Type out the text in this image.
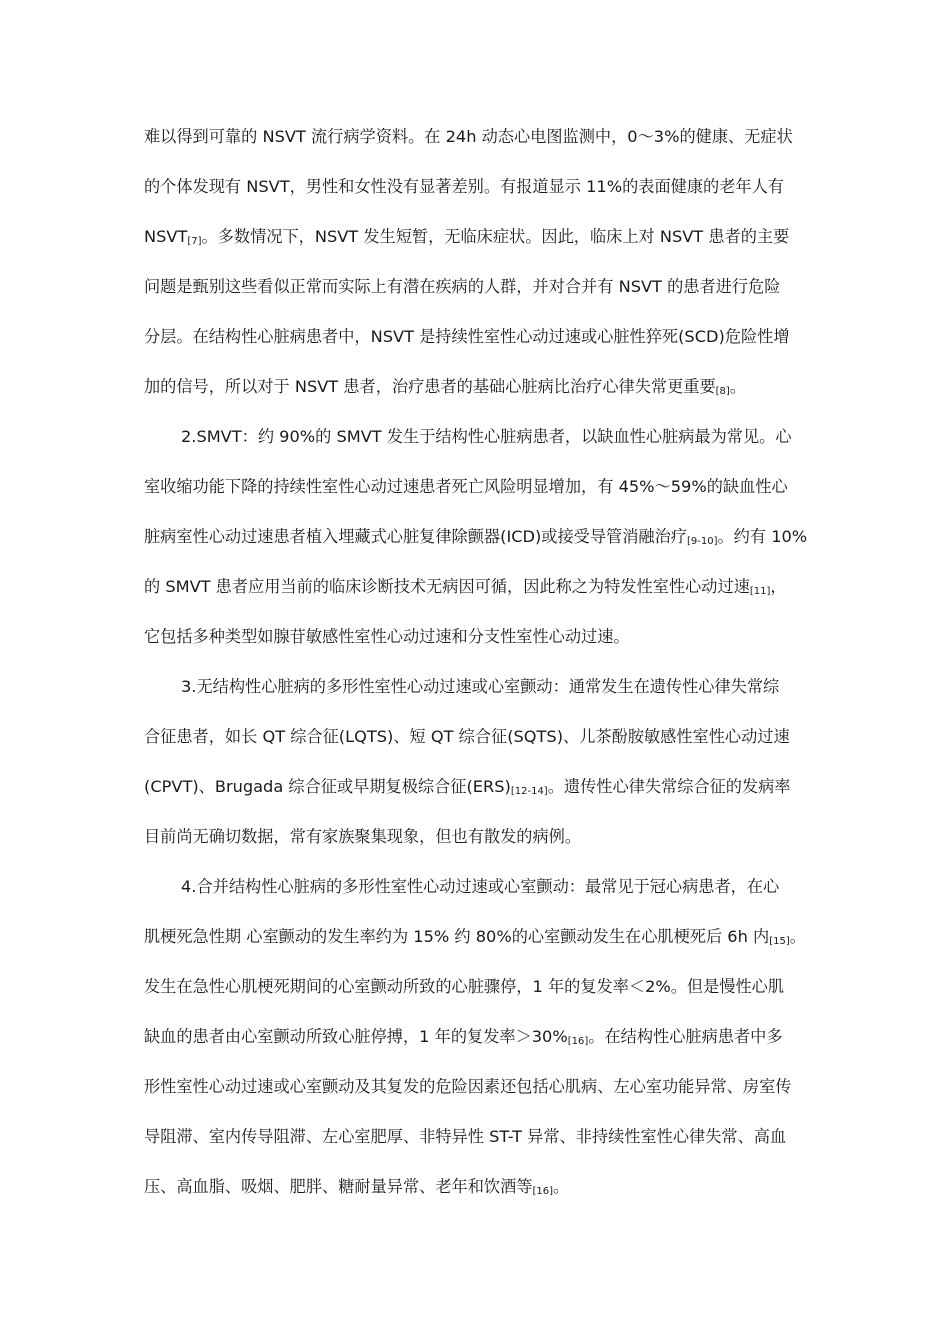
难以得到可靠的 NSVT 流行病学资料。在 24h 动态心电图监测中，0～3%的健康、无症状
的个体发现有 NSVT，男性和女性没有显著差别。有报道显示 11%的表面健康的老年人有
NSVT[7]。多数情况下，NSVT 发生短暂，无临床症状。因此，临床上对 NSVT 患者的主要
问题是甄别这些看似正常而实际上有潜在疾病的人群，并对合并有 NSVT 的患者进行危险
分层。在结构性心脏病患者中，NSVT 是持续性室性心动过速或心脏性猝死(SCD)危险性增
加的信号，所以对于 NSVT 患者，治疗患者的基础心脏病比治疗心律失常更重要[8]。
2.SMVT：约 90%的 SMVT 发生于结构性心脏病患者，以缺血性心脏病最为常见。心
室收缩功能下降的持续性室性心动过速患者死亡风险明显增加，有 45%～59%的缺血性心
脏病室性心动过速患者植入埋藏式心脏复律除颤器(ICD)或接受导管消融治疗[9-10]。约有 10%
的 SMVT 患者应用当前的临床诊断技术无病因可循，因此称之为特发性室性心动过速[11]，
它包括多种类型如腺苷敏感性室性心动过速和分支性室性心动过速。
3.无结构性心脏病的多形性室性心动过速或心室颤动：通常发生在遗传性心律失常综
合征患者，如长 QT 综合征(LQTS)、短 QT 综合征(SQTS)、儿茶酚胺敏感性室性心动过速
(CPVT)、Brugada 综合征或早期复极综合征(ERS)[12-14]。遗传性心律失常综合征的发病率
目前尚无确切数据，常有家族聚集现象，但也有散发的病例。
4.合并结构性心脏病的多形性室性心动过速或心室颤动：最常见于冠心病患者，在心
肌梗死急性期 心室颤动的发生率约为 15% 约 80%的心室颤动发生在心肌梗死后 6h 内[15]。
发生在急性心肌梗死期间的心室颤动所致的心脏骤停，1 年的复发率＜2%。但是慢性心肌
缺血的患者由心室颤动所致心脏停搏，1 年的复发率＞30%[16]。在结构性心脏病患者中多
形性室性心动过速或心室颤动及其复发的危险因素还包括心肌病、左心室功能异常、房室传
导阻滞、室内传导阻滞、左心室肥厚、非特异性 ST-T 异常、非持续性室性心律失常、高血
压、高血脂、吸烟、肥胖、糖耐量异常、老年和饮酒等[16]。
